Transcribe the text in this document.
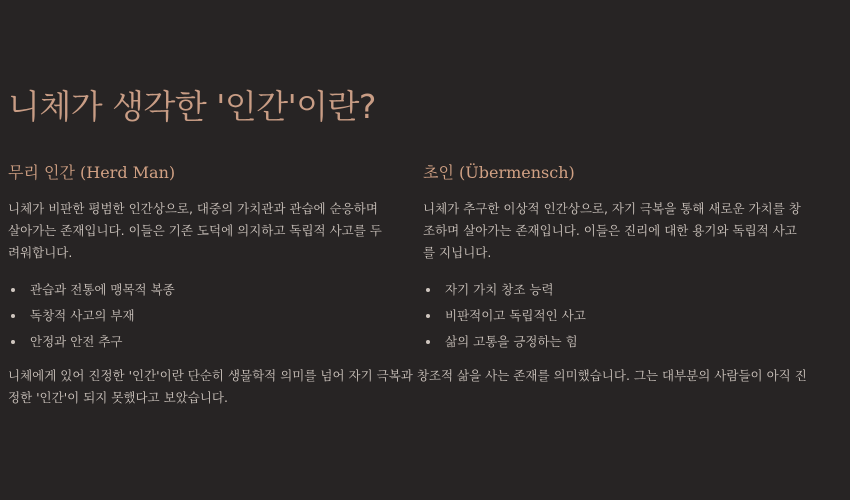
니체가 생각한 '인간'이란?
무리 인간 (Herd Man)

니체가 비판한 평범한 인간상으로, 대중의 가치관과 관습에 순응하며 살아가는 존재입니다. 이들은 기존 도덕에 의지하고 독립적 사고를 두려워합니다.

관습과 전통에 맹목적 복종
독창적 사고의 부재
안정과 안전 추구
초인 (Übermensch)

니체가 추구한 이상적 인간상으로, 자기 극복을 통해 새로운 가치를 창조하며 살아가는 존재입니다. 이들은 진리에 대한 용기와 독립적 사고를 지닙니다.

자기 가치 창조 능력
비판적이고 독립적인 사고
삶의 고통을 긍정하는 힘

니체에게 있어 진정한 '인간'이란 단순히 생물학적 의미를 넘어 자기 극복과 창조적 삶을 사는 존재를 의미했습니다. 그는 대부분의 사람들이 아직 진정한 '인간'이 되지 못했다고 보았습니다.
